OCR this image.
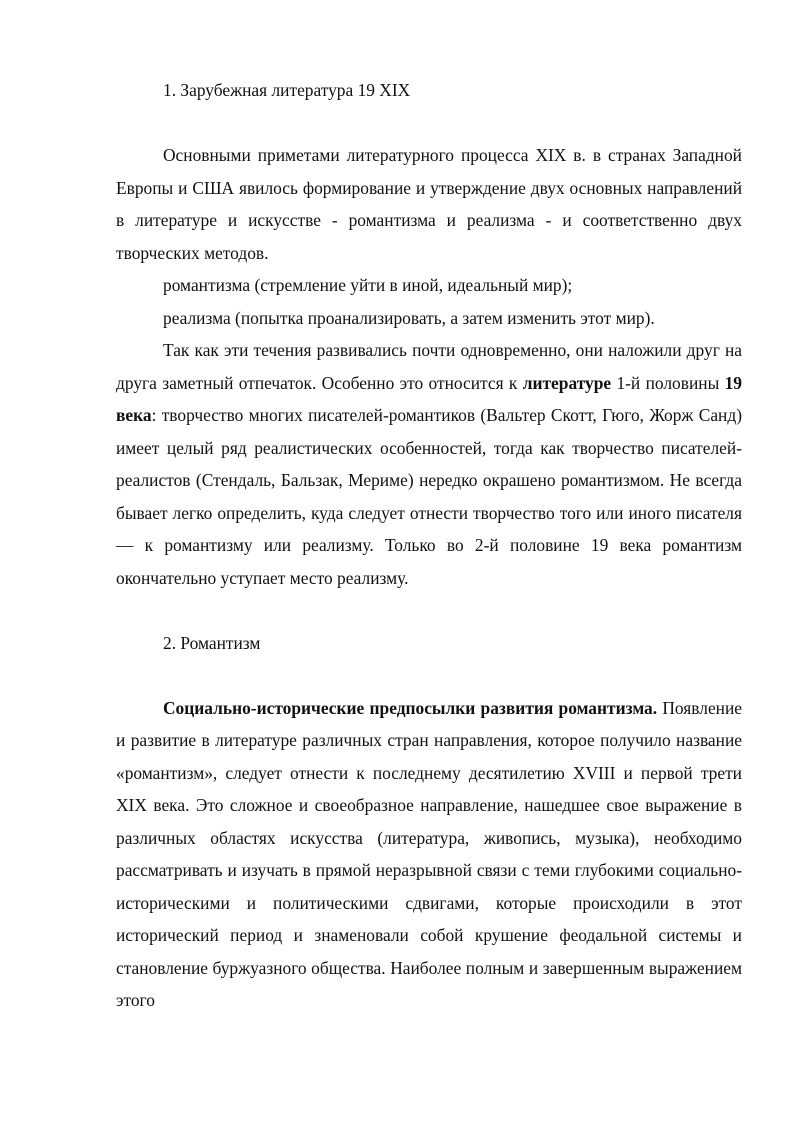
1. Зарубежная литература 19 XIX

Основными приметами литературного процесса XIX в. в странах Западной Европы и США явилось формирование и утверждение двух основных направлений в литературе и искусстве - романтизма и реализма - и соответственно двух творческих методов.

романтизма (стремление уйти в иной, идеальный мир);

реализма (попытка проанализировать, а затем изменить этот мир).

Так как эти течения развивались почти одновременно, они наложили друг на друга заметный отпечаток. Особенно это относится к литературе 1-й половины 19 века: творчество многих писателей-романтиков (Вальтер Скотт, Гюго, Жорж Санд) имеет целый ряд реалистических особенностей, тогда как творчество писателей-реалистов (Стендаль, Бальзак, Мериме) нередко окрашено романтизмом. Не всегда бывает легко определить, куда следует отнести творчество того или иного писателя — к романтизму или реализму. Только во 2-й половине 19 века романтизм окончательно уступает место реализму.

2. Романтизм

Социально-исторические предпосылки развития романтизма. Появление и развитие в литературе различных стран направления, которое получило название «романтизм», следует отнести к последнему десятилетию XVIII и первой трети XIX века. Это сложное и своеобразное направление, нашедшее свое выражение в различных областях искусства (литература, живопись, музыка), необходимо рассматривать и изучать в прямой неразрывной связи с теми глубокими социально-историческими и политическими сдвигами, которые происходили в этот исторический период и знаменовали собой крушение феодальной системы и становление буржуазного общества. Наиболее полным и завершенным выражением этого
